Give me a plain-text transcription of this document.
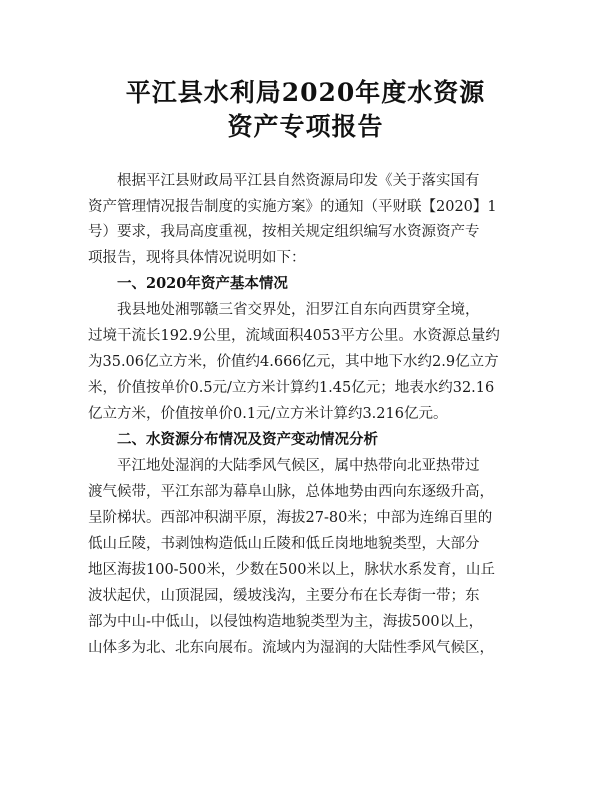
平江县水利局2020年度水资源
资产专项报告
根据平江县财政局平江县自然资源局印发《关于落实国有
资产管理情况报告制度的实施方案》的通知（平财联【2020】1
号）要求，我局高度重视，按相关规定组织编写水资源资产专
项报告，现将具体情况说明如下：
一、2020年资产基本情况
我县地处湘鄂赣三省交界处，汨罗江自东向西贯穿全境，
过境干流长192.9公里，流域面积4053平方公里。水资源总量约
为35.06亿立方米，价值约4.666亿元，其中地下水约2.9亿立方
米，价值按单价0.5元/立方米计算约1.45亿元；地表水约32.16
亿立方米，价值按单价0.1元/立方米计算约3.216亿元。
二、水资源分布情况及资产变动情况分析
平江地处湿润的大陆季风气候区，属中热带向北亚热带过
渡气候带，平江东部为幕阜山脉，总体地势由西向东逐级升高，
呈阶梯状。西部冲积湖平原，海拔27-80米；中部为连绵百里的
低山丘陵，书剥蚀构造低山丘陵和低丘岗地地貌类型，大部分
地区海拔100-500米，少数在500米以上，脉状水系发育，山丘
波状起伏，山顶混园，缓坡浅沟，主要分布在长寿街一带；东
部为中山-中低山，以侵蚀构造地貌类型为主，海拔500以上，
山体多为北、北东向展布。流域内为湿润的大陆性季风气候区，
